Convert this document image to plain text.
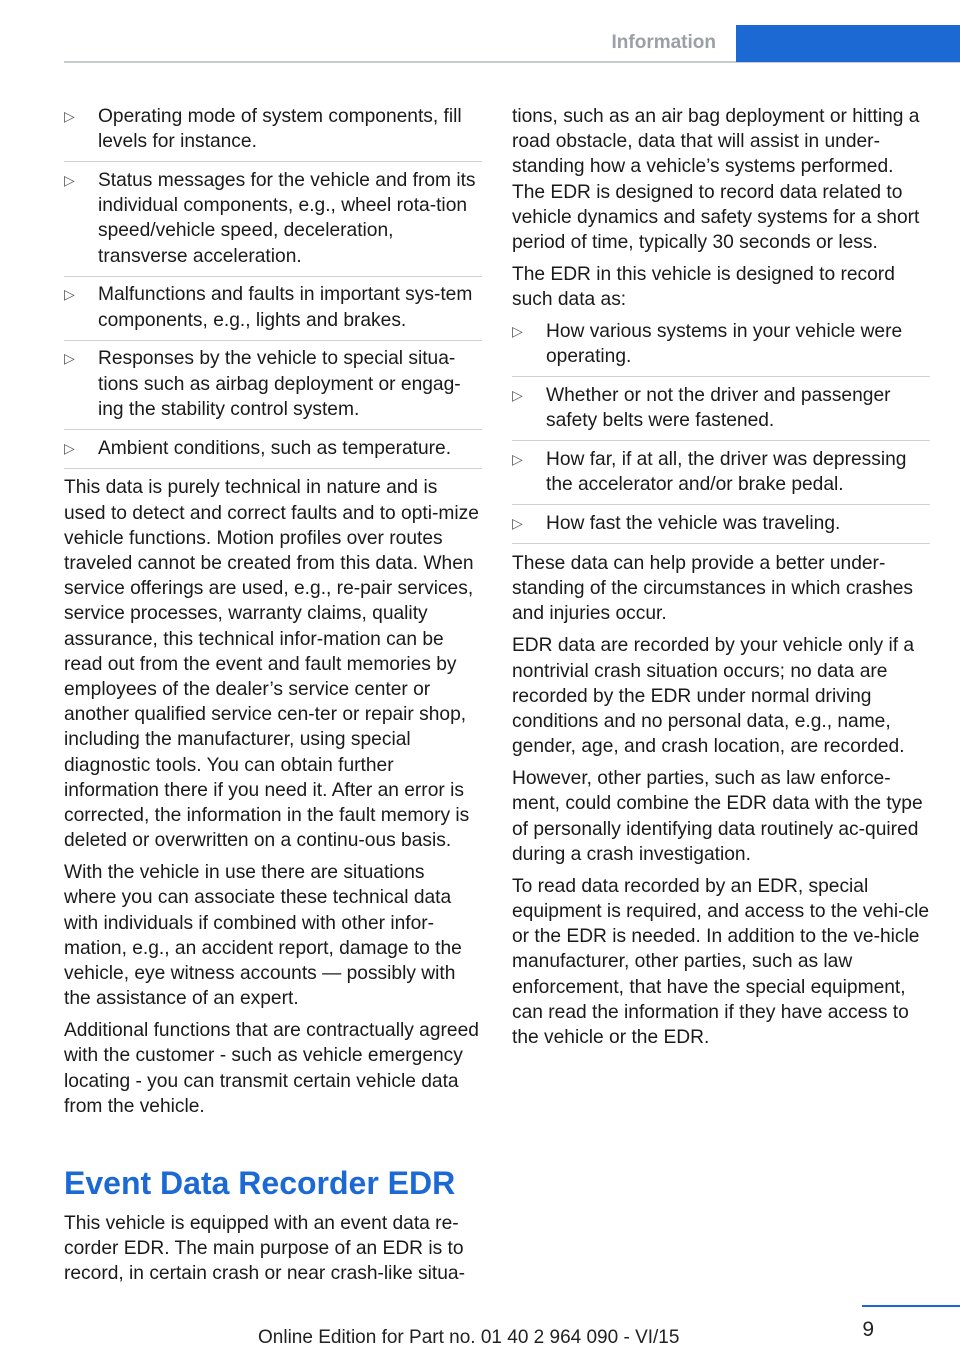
Information
▷	Operating mode of system components, fill levels for instance.
▷	Status messages for the vehicle and from its individual components, e.g., wheel rota‐tion speed/vehicle speed, deceleration, transverse acceleration.
▷	Malfunctions and faults in important sys‐tem components, e.g., lights and brakes.
▷	Responses by the vehicle to special situa‐tions such as airbag deployment or engag‐ing the stability control system.
▷	Ambient conditions, such as temperature.

This data is purely technical in nature and is used to detect and correct faults and to opti‐mize vehicle functions. Motion profiles over routes traveled cannot be created from this data. When service offerings are used, e.g., re‐pair services, service processes, warranty claims, quality assurance, this technical infor‐mation can be read out from the event and fault memories by employees of the dealer’s service center or another qualified service cen‐ter or repair shop, including the manufacturer, using special diagnostic tools. You can obtain further information there if you need it. After an error is corrected, the information in the fault memory is deleted or overwritten on a continu‐ous basis.

With the vehicle in use there are situations where you can associate these technical data with individuals if combined with other infor‐mation, e.g., an accident report, damage to the vehicle, eye witness accounts — possibly with the assistance of an expert.

Additional functions that are contractually agreed with the customer - such as vehicle emergency locating - you can transmit certain vehicle data from the vehicle.

Event Data Recorder EDR

This vehicle is equipped with an event data re‐corder EDR. The main purpose of an EDR is to record, in certain crash or near crash-like situa‐

tions, such as an air bag deployment or hitting a road obstacle, data that will assist in under‐standing how a vehicle’s systems performed. The EDR is designed to record data related to vehicle dynamics and safety systems for a short period of time, typically 30 seconds or less.

The EDR in this vehicle is designed to record such data as:

▷	How various systems in your vehicle were operating.
▷	Whether or not the driver and passenger safety belts were fastened.
▷	How far, if at all, the driver was depressing the accelerator and/or brake pedal.
▷	How fast the vehicle was traveling.

These data can help provide a better under‐standing of the circumstances in which crashes and injuries occur.

EDR data are recorded by your vehicle only if a nontrivial crash situation occurs; no data are recorded by the EDR under normal driving conditions and no personal data, e.g., name, gender, age, and crash location, are recorded.

However, other parties, such as law enforce‐ment, could combine the EDR data with the type of personally identifying data routinely ac‐quired during a crash investigation.

To read data recorded by an EDR, special equipment is required, and access to the vehi‐cle or the EDR is needed. In addition to the ve‐hicle manufacturer, other parties, such as law enforcement, that have the special equipment, can read the information if they have access to the vehicle or the EDR.

9
Online Edition for Part no. 01 40 2 964 090 - VI/15
